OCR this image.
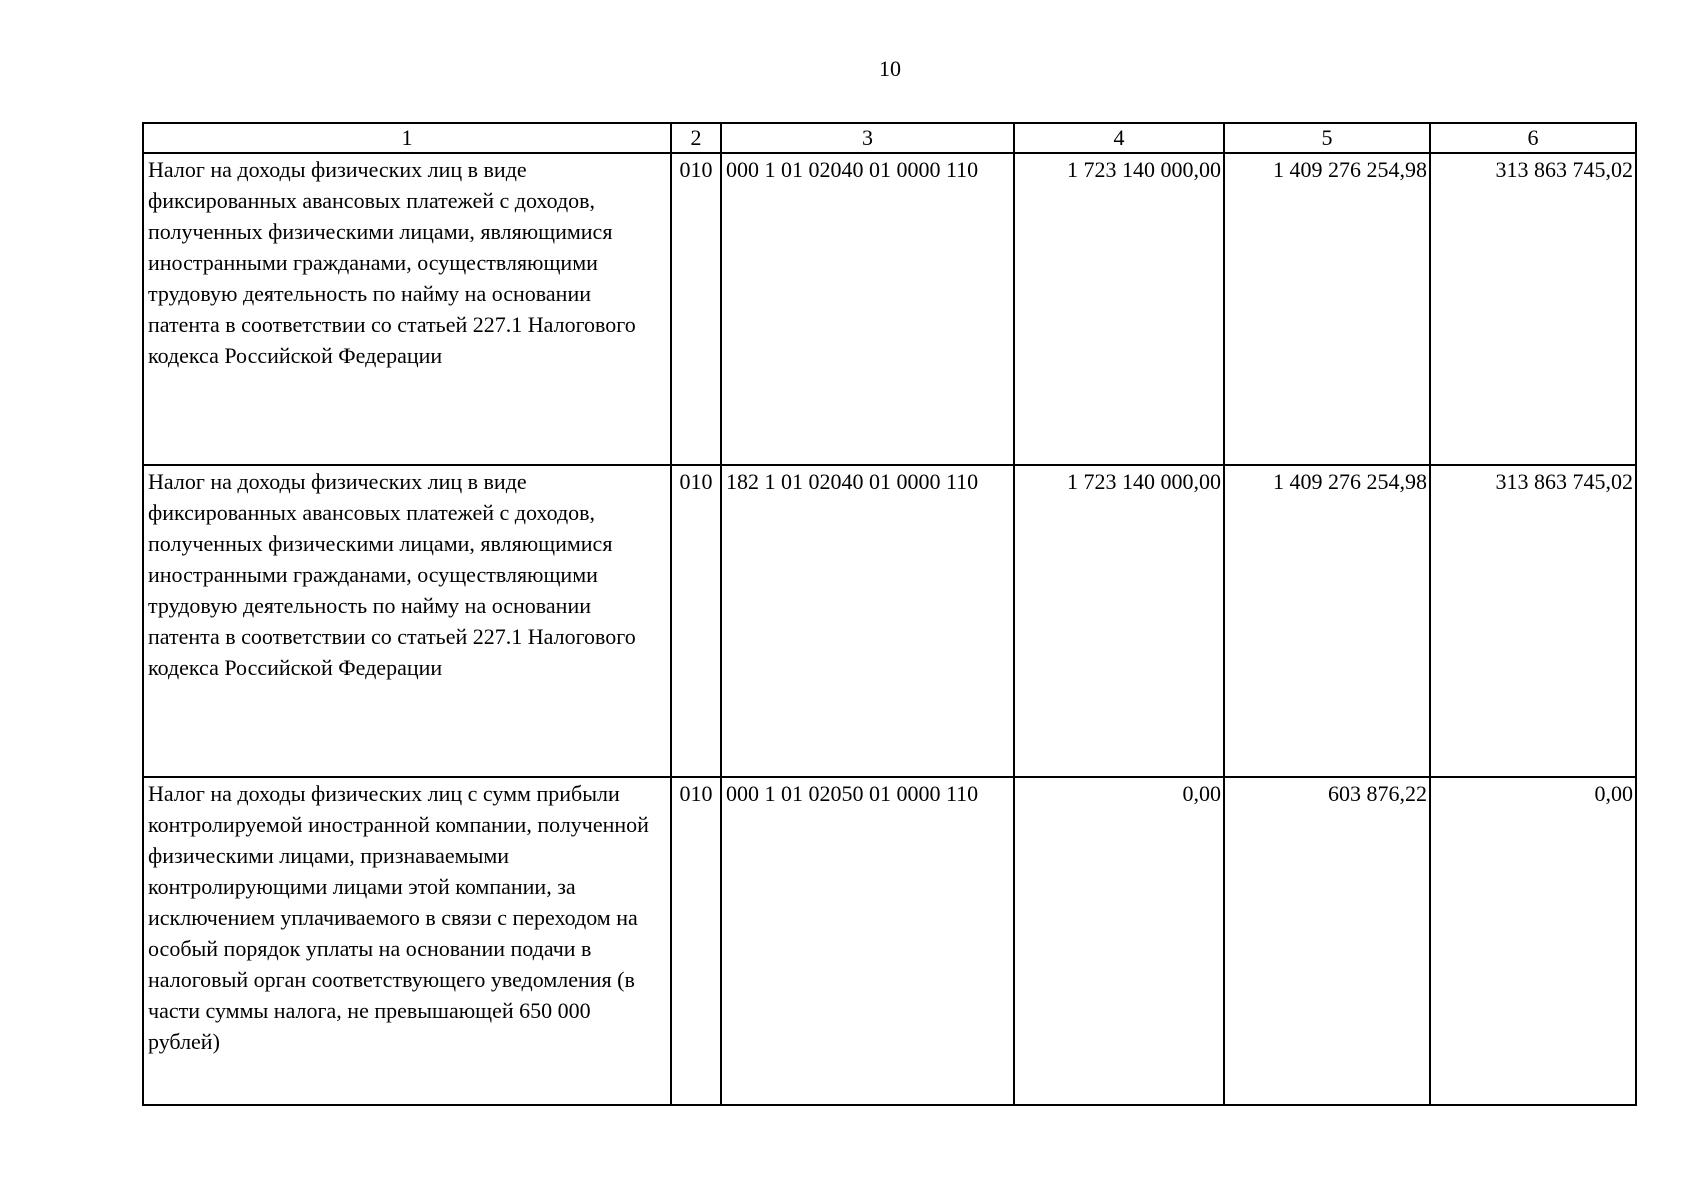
10
1	2	3	4	5	6
Налог на доходы физических лиц в виде фиксированных авансовых платежей с доходов, полученных физическими лицами, являющимися иностранными гражданами, осуществляющими трудовую деятельность по найму на основании патента в соответствии со статьей 227.1 Налогового кодекса Российской Федерации	010	000 1 01 02040 01 0000 110	1 723 140 000,00	1 409 276 254,98	313 863 745,02
Налог на доходы физических лиц в виде фиксированных авансовых платежей с доходов, полученных физическими лицами, являющимися иностранными гражданами, осуществляющими трудовую деятельность по найму на основании патента в соответствии со статьей 227.1 Налогового кодекса Российской Федерации	010	182 1 01 02040 01 0000 110	1 723 140 000,00	1 409 276 254,98	313 863 745,02
Налог на доходы физических лиц с сумм прибыли контролируемой иностранной компании, полученной физическими лицами, признаваемыми контролирующими лицами этой компании, за исключением уплачиваемого в связи с переходом на особый порядок уплаты на основании подачи в налоговый орган соответствующего уведомления (в части суммы налога, не превышающей 650 000 рублей)	010	000 1 01 02050 01 0000 110	0,00	603 876,22	0,00
